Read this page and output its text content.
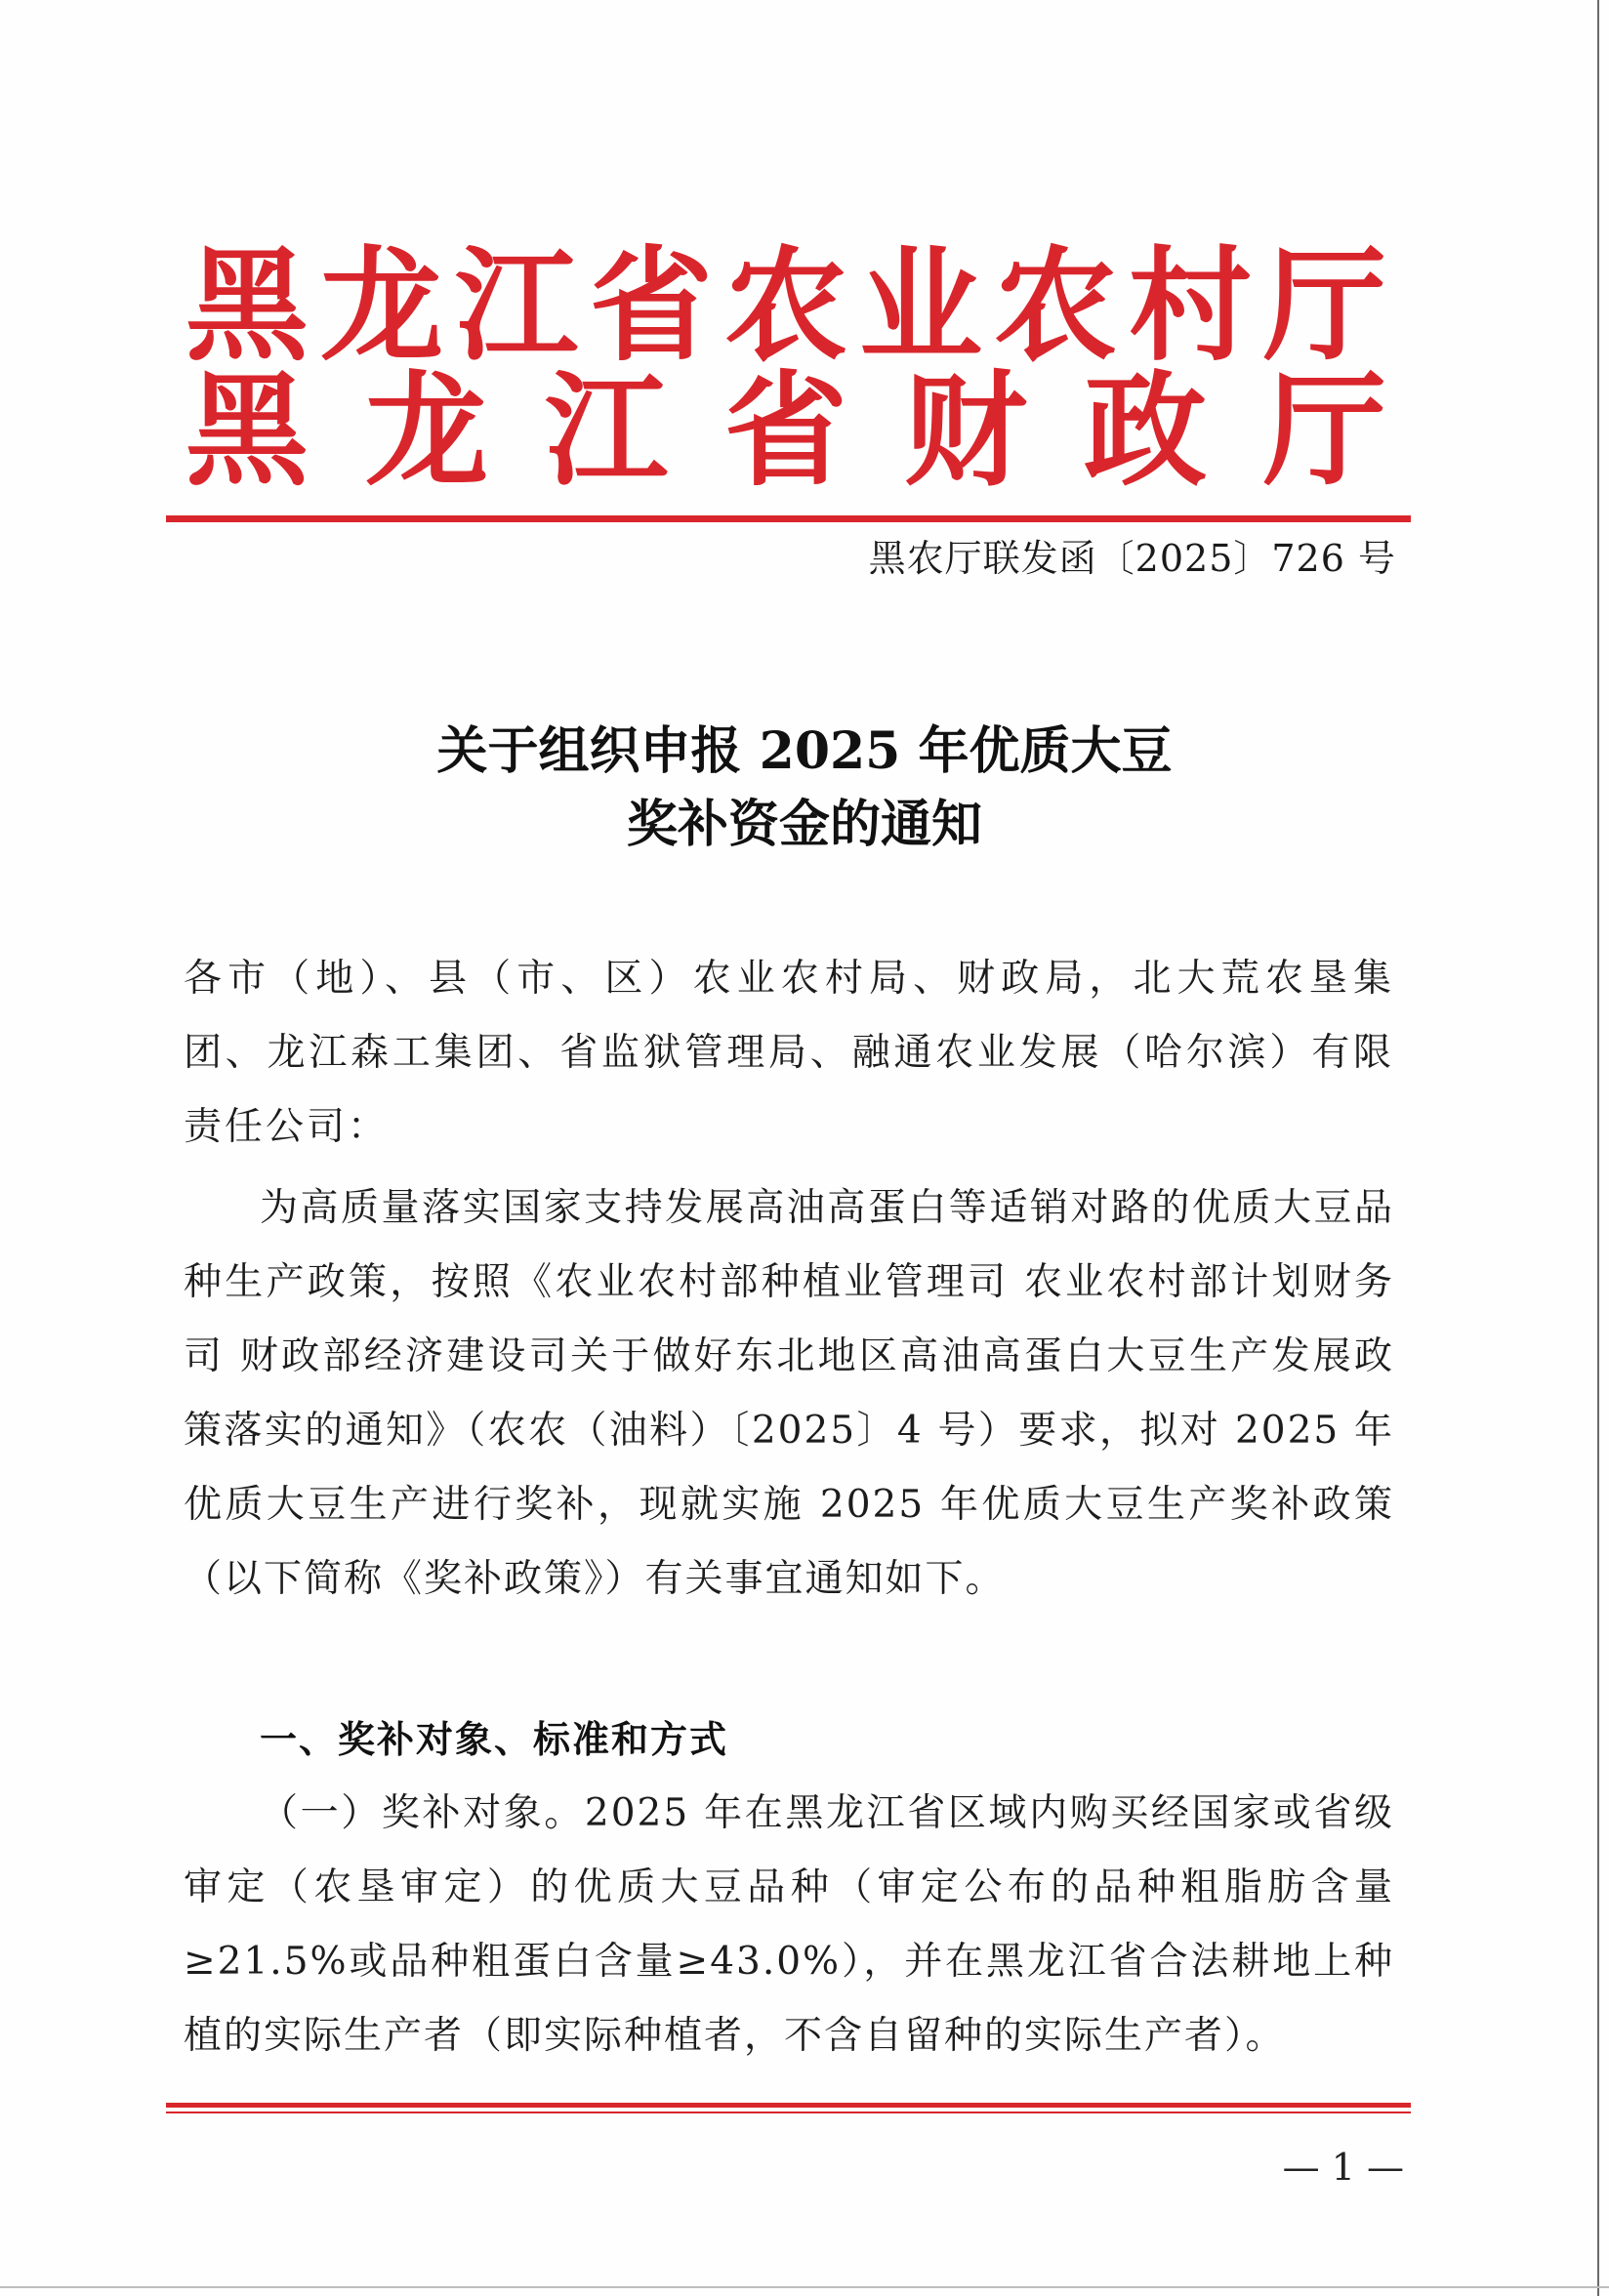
黑 龙 江 省 农 业 农 村 厅
黑 龙 江 省 财 政 厅
黑农厅联发函〔2025〕726 号
关于组织申报 2025 年优质大豆
奖补资金的通知
各市（地）、县（市、区）农业农村局、财政局，北大荒农垦集团、龙江森工集团、省监狱管理局、融通农业发展（哈尔滨）有限责任公司：
为高质量落实国家支持发展高油高蛋白等适销对路的优质大豆品种生产政策，按照《农业农村部种植业管理司 农业农村部计划财务司 财政部经济建设司关于做好东北地区高油高蛋白大豆生产发展政策落实的通知》（农农（油料）〔2025〕4 号）要求，拟对 2025 年优质大豆生产进行奖补，现就实施 2025 年优质大豆生产奖补政策（以下简称《奖补政策》）有关事宜通知如下。
一、奖补对象、标准和方式
（一）奖补对象。2025 年在黑龙江省区域内购买经国家或省级审定（农垦审定）的优质大豆品种（审定公布的品种粗脂肪含量≥21.5%或品种粗蛋白含量≥43.0%），并在黑龙江省合法耕地上种植的实际生产者（即实际种植者，不含自留种的实际生产者）。
— 1 —
